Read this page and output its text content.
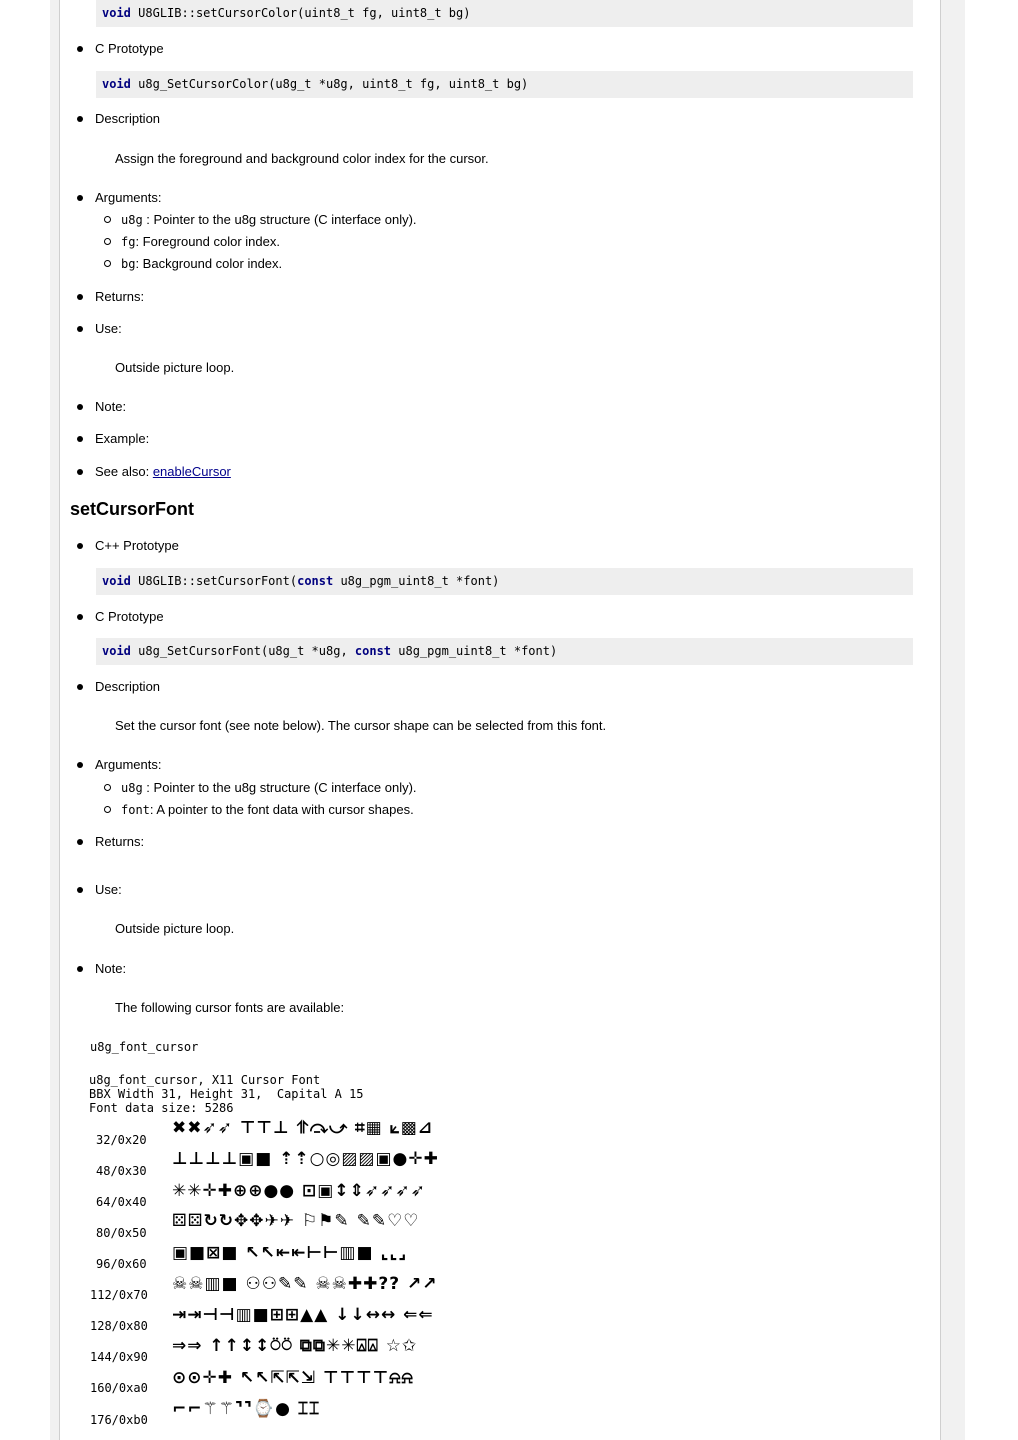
void U8GLIB::setCursorColor(uint8_t fg, uint8_t bg)
C Prototype
void u8g_SetCursorColor(u8g_t *u8g, uint8_t fg, uint8_t bg)
Description
Assign the foreground and background color index for the cursor.
Arguments:
u8g : Pointer to the u8g structure (C interface only).
fg: Foreground color index.
bg: Background color index.
Returns:
Use:
Outside picture loop.
Note:
Example:
See also: enableCursor
setCursorFont
C++ Prototype
void U8GLIB::setCursorFont(const u8g_pgm_uint8_t *font)
C Prototype
void u8g_SetCursorFont(u8g_t *u8g, const u8g_pgm_uint8_t *font)
Description
Set the cursor font (see note below). The cursor shape can be selected from this font.
Arguments:
u8g : Pointer to the u8g structure (C interface only).
font: A pointer to the font data with cursor shapes.
Returns:
Use:
Outside picture loop.
Note:
The following cursor fonts are available:
u8g_font_cursor
u8g_font_cursor, X11 Cursor Font
BBX Width 31, Height 31,  Capital A 15
Font data size: 5286
32/0x20
✖✖➶➶ ⊤⊤⊥ ⥣⤼⤻ ⌗▦ ⟀▩⊿
48/0x30
⊥⊥⊥⊥▣■ ⇡⇡○◎▨▨▣●✛✚
64/0x40
✳✳✛✚⊕⊕●● ⊡▣↕⇕➶➶➶➶
80/0x50
⚄⚄↻↻✥✥✈✈ ⚐⚑✎ ✎✎♡♡
96/0x60
▣■⊠■ ↖↖⇤⇤⊢⊢▥■ ⌞⌞⌟
112/0x70
☠☠▥■ ⚇⚇✎✎ ☠☠✚✚?? ↗↗
128/0x80
⇥⇥⊣⊣▥■⊞⊞▲▲ ↓↓↔↔ ⇐⇐
144/0x90
⇒⇒ ↑↑↕↕⍥⍥ ⧉⧉✳✳⍓⍓ ☆✩
160/0xa0 ⊙⊙✛✚ ↖↖⇱⇱⇲ ⊤⊤⊤⊤⍾⍾
176/0xb0
⌐⌐⚚⚚⌝⌝⌚● ⌶⌶
